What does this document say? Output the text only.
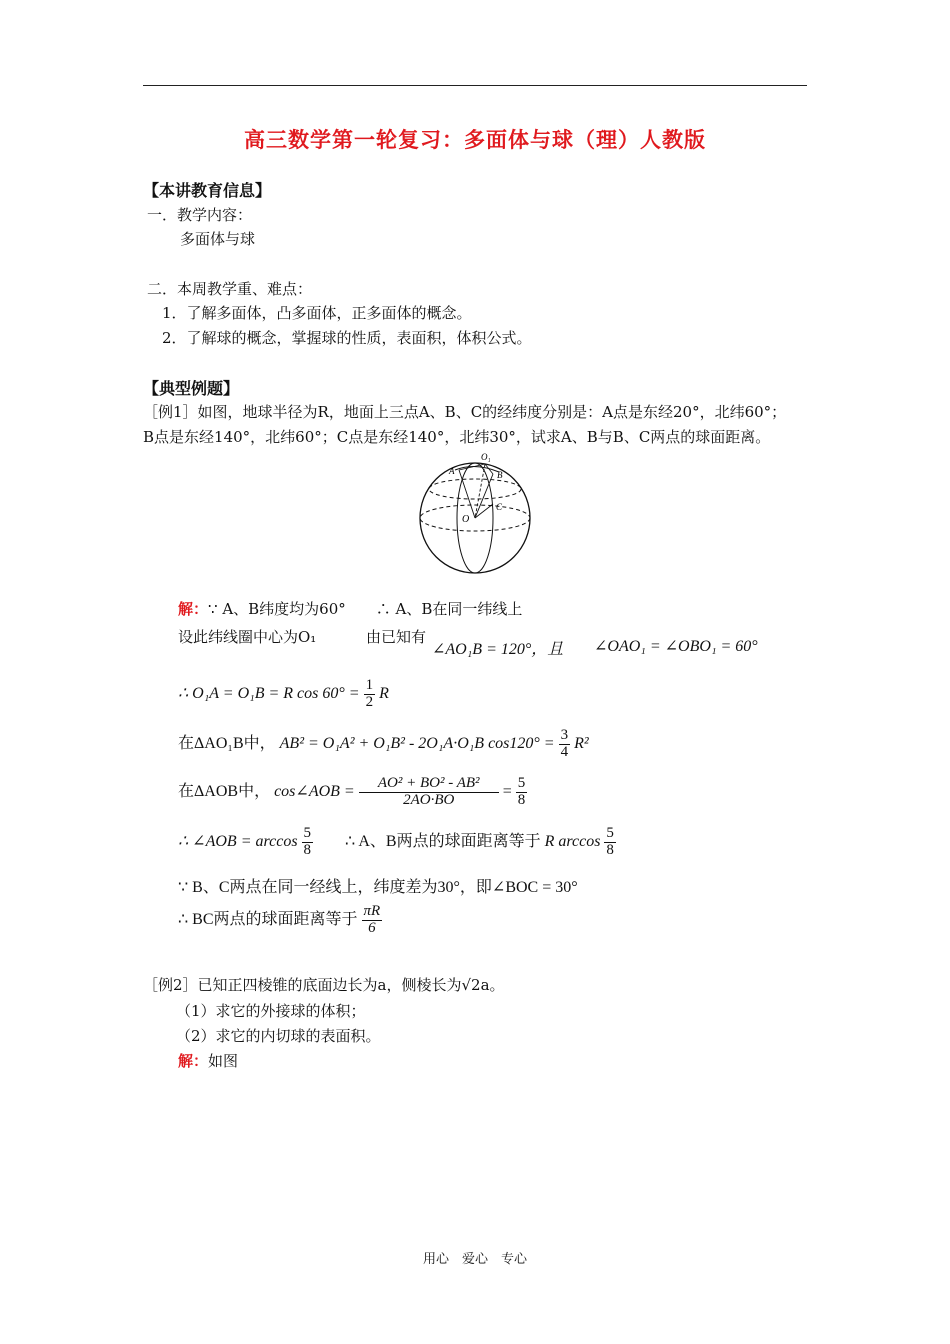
高三数学第一轮复习：多面体与球（理）人教版
【本讲教育信息】
一．教学内容：
多面体与球
二．本周教学重、难点：
1．了解多面体，凸多面体，正多面体的概念。
2．了解球的概念，掌握球的性质，表面积，体积公式。
【典型例题】
［例1］如图，地球半径为R，地面上三点A、B、C的经纬度分别是：A点是东经20°，北纬60°；
B点是东经140°，北纬60°；C点是东经140°，北纬30°，试求A、B与B、C两点的球面距离。
O₁
A	B
O
C
解：∵ A、B纬度均为60°　　∴ A、B在同一纬线上
设此纬线圈中心为O₁	由已知有
∠AO₁B = 120°，且 ∠OAO₁ = ∠OBO₁ = 60°
∴ O₁A = O₁B = R $\cos 60^\circ = \frac{1}{2}$ R
在ΔAO₁B中， AB² = O₁A² + O₁B² - 2O₁A·O₁B $\cos 120^\circ = \frac{3}{4} R^2$
在ΔAOB中， cos∠AOB = $\frac{\text{AO² + BO² - AB²}}{2AO\cdot BO} = \frac{5}{8}$
∴ ∠AOB = $\arccos \frac{5}{8}$ ∴ A、B两点的球面距离等于 R $\arccos \frac{5}{8}$
∵ B、C两点在同一经线上，纬度差为30°，即∠BOC = 30°
∴ BC两点的球面距离等于 $\frac{\pi R}{6}$
［例2］已知正四棱锥的底面边长为a，侧棱长为√2a。
（1）求它的外接球的体积；
（2）求它的内切球的表面积。
解：如图
用心　爱心　专心
